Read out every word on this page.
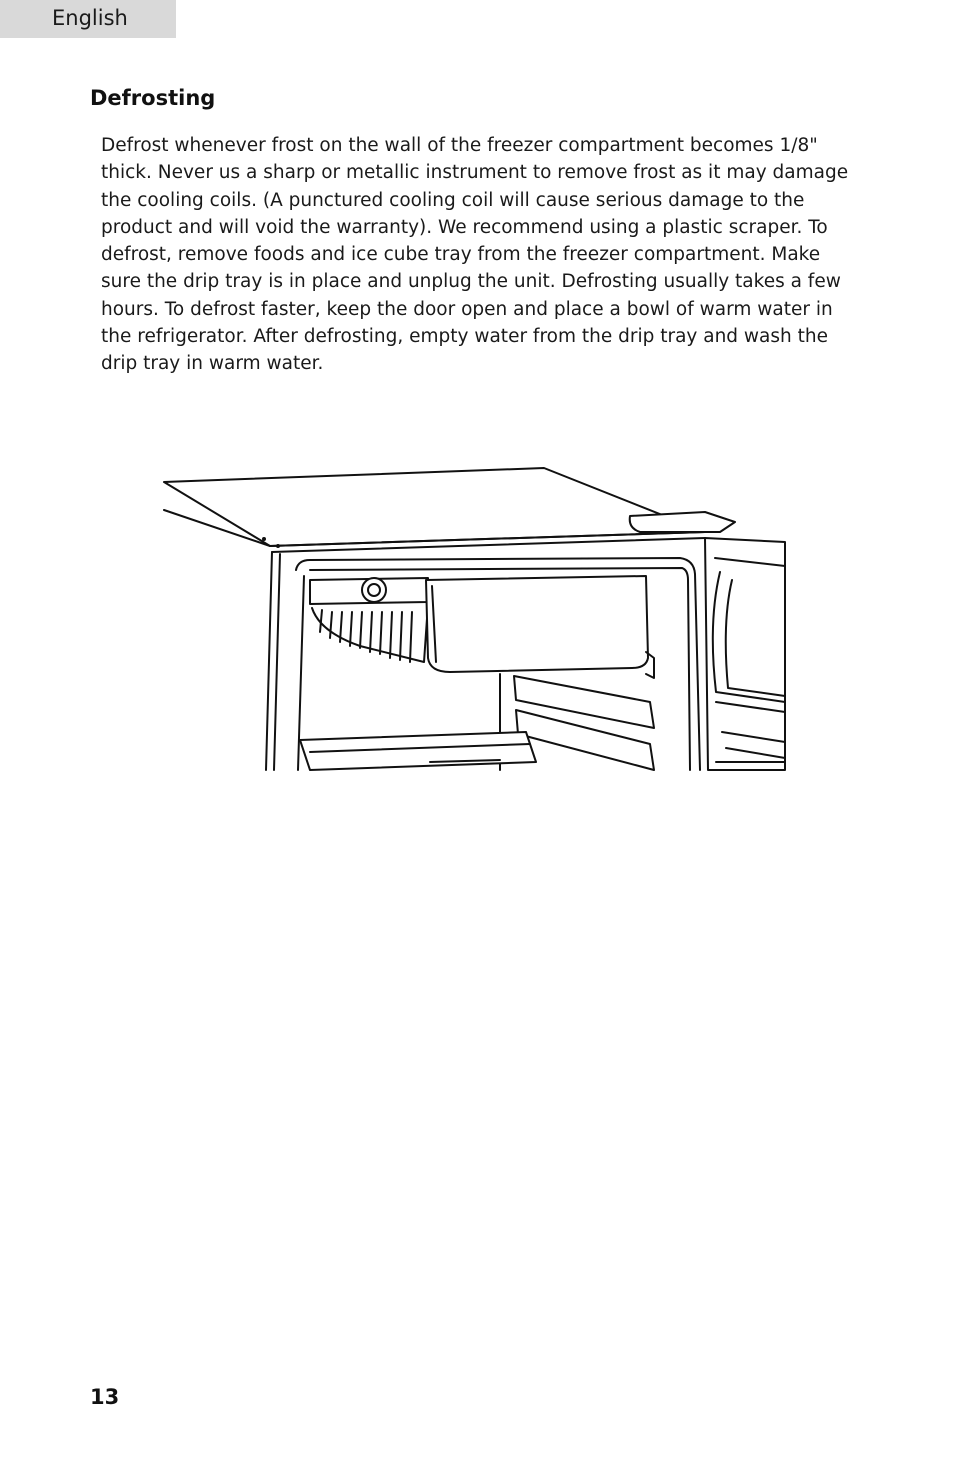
English
Defrosting

Defrost whenever frost on the wall of the freezer compartment becomes 1/8"
thick. Never us a sharp or metallic instrument to remove frost as it may damage
the cooling coils. (A punctured cooling coil will cause serious damage to the
product and will void the warranty). We recommend using a plastic scraper. To
defrost, remove foods and ice cube tray from the freezer compartment. Make
sure the drip tray is in place and unplug the unit. Defrosting usually takes a few
hours. To defrost faster, keep the door open and place a bowl of warm water in
the refrigerator. After defrosting, empty water from the drip tray and wash the
drip tray in warm water.

13
